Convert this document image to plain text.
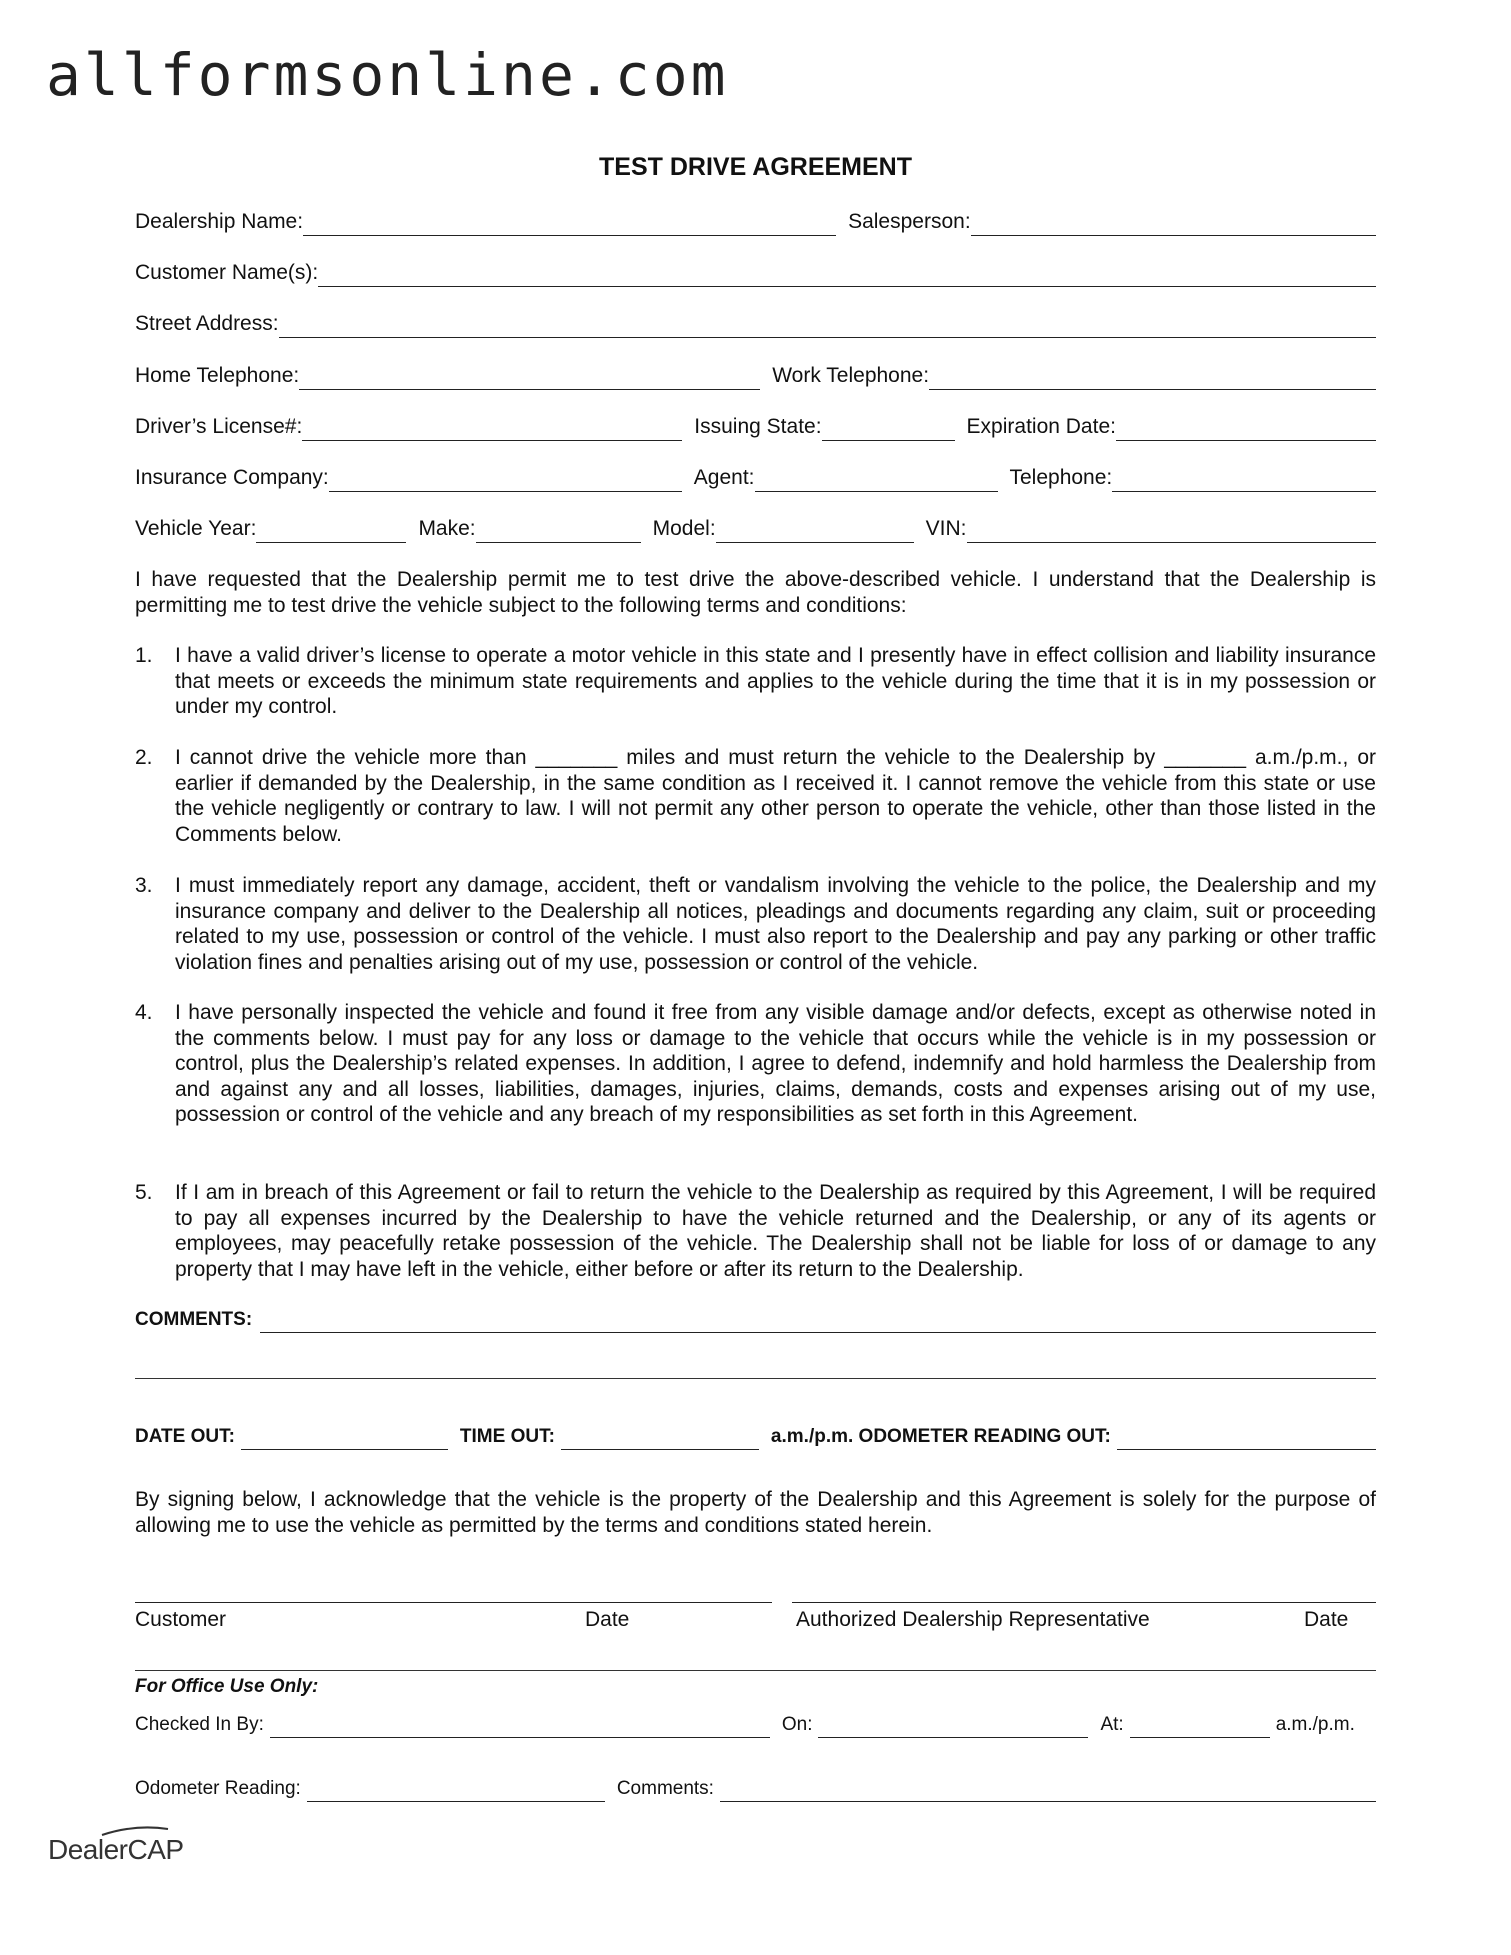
allformsonline.com
TEST DRIVE AGREEMENT
Dealership Name:	Salesperson:
Customer Name(s):
Street Address:
Home Telephone:	Work Telephone:
Driver’s License#:	Issuing State:	Expiration Date:
Insurance Company:	Agent:	Telephone:
Vehicle Year:	Make:	Model:	VIN:
I have requested that the Dealership permit me to test drive the above-described vehicle. I understand that the Dealership is permitting me to test drive the vehicle subject to the following terms and conditions:
1. I have a valid driver’s license to operate a motor vehicle in this state and I presently have in effect collision and liability insurance that meets or exceeds the minimum state requirements and applies to the vehicle during the time that it is in my possession or under my control.
2. I cannot drive the vehicle more than _______ miles and must return the vehicle to the Dealership by _______ a.m./p.m., or earlier if demanded by the Dealership, in the same condition as I received it. I cannot remove the vehicle from this state or use the vehicle negligently or contrary to law. I will not permit any other person to operate the vehicle, other than those listed in the Comments below.
3. I must immediately report any damage, accident, theft or vandalism involving the vehicle to the police, the Dealership and my insurance company and deliver to the Dealership all notices, pleadings and documents regarding any claim, suit or proceeding related to my use, possession or control of the vehicle. I must also report to the Dealership and pay any parking or other traffic violation fines and penalties arising out of my use, possession or control of the vehicle.
4. I have personally inspected the vehicle and found it free from any visible damage and/or defects, except as otherwise noted in the comments below. I must pay for any loss or damage to the vehicle that occurs while the vehicle is in my possession or control, plus the Dealership’s related expenses. In addition, I agree to defend, indemnify and hold harmless the Dealership from and against any and all losses, liabilities, damages, injuries, claims, demands, costs and expenses arising out of my use, possession or control of the vehicle and any breach of my responsibilities as set forth in this Agreement.
5. If I am in breach of this Agreement or fail to return the vehicle to the Dealership as required by this Agreement, I will be required to pay all expenses incurred by the Dealership to have the vehicle returned and the Dealership, or any of its agents or employees, may peacefully retake possession of the vehicle. The Dealership shall not be liable for loss of or damage to any property that I may have left in the vehicle, either before or after its return to the Dealership.
COMMENTS:
DATE OUT:	TIME OUT:	a.m./p.m. ODOMETER READING OUT:
By signing below, I acknowledge that the vehicle is the property of the Dealership and this Agreement is solely for the purpose of allowing me to use the vehicle as permitted by the terms and conditions stated herein.
Customer	Date	Authorized Dealership Representative	Date
For Office Use Only:
Checked In By:	On:	At:	a.m./p.m.
Odometer Reading:	Comments:
DealerCAP
